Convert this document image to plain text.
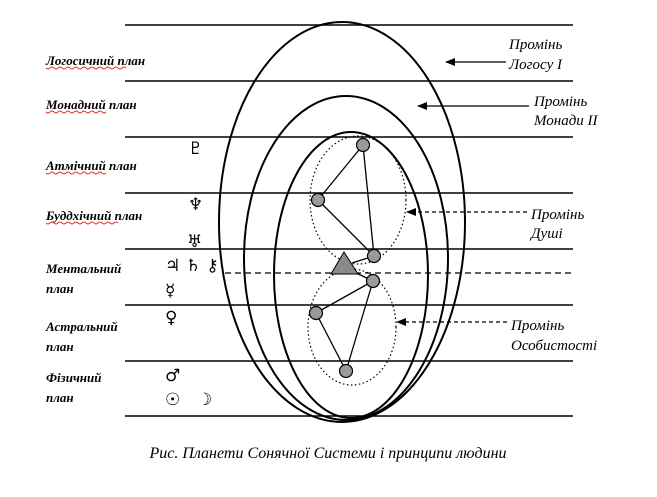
Логосичний план
Монадний план
Атмічний план
Буддхічний план
Ментальний
план
Астральний
план
Фізичний
план
♇
♆
♅
♃ ♄ ⚷
☿
♀
♂
☉ ☽
Промінь
Логосу I
Промінь
Монади II
Промінь
Душі
Промінь
Особистості
Рис. Планети Сонячної Системи і принципи людини
